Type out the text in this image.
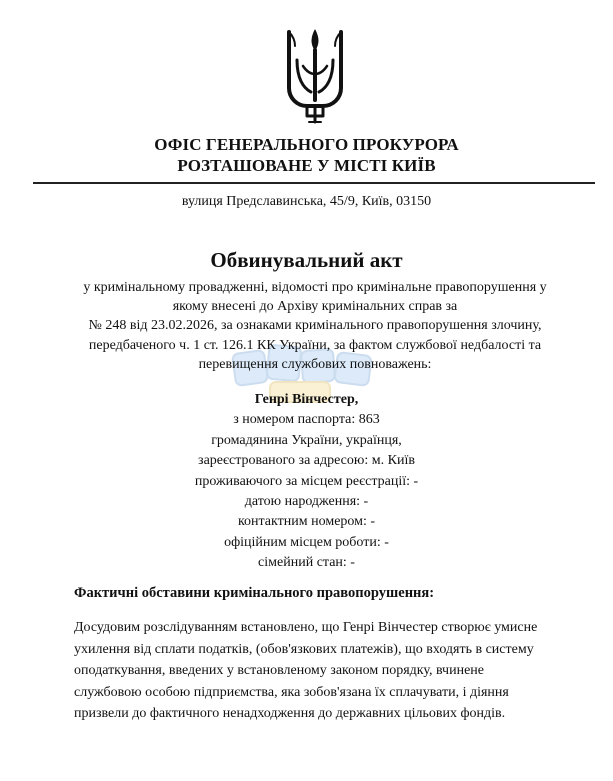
ОФІС ГЕНЕРАЛЬНОГО ПРОКУРОРА
РОЗТАШОВАНЕ У МІСТІ КИЇВ
вулиця Предславинська, 45/9, Київ, 03150
Обвинувальний акт
у кримінальному провадженні, відомості про кримінальне правопорушення у
якому внесені до Архіву кримінальних справ за
№ 248 від 23.02.2026, за ознаками кримінального правопорушення злочину,
передбаченого ч. 1 ст. 126.1 КК України, за фактом службової недбалості та
перевищення службових повноважень:
Генрі Вінчестер,
з номером паспорта: 863
громадянина України, українця,
зареєстрованого за адресою: м. Київ
проживаючого за місцем реєстрації: -
датою народження: -
контактним номером: -
офіційним місцем роботи: -
сімейний стан: -
Фактичні обставини кримінального правопорушення:
Досудовим розслідуванням встановлено, що Генрі Вінчестер створює умисне
ухилення від сплати податків, (обов'язкових платежів), що входять в систему
оподаткування, введених у встановленому законом порядку, вчинене
службовою особою підприємства, яка зобов'язана їх сплачувати, і діяння
призвели до фактичного ненадходження до державних цільових фондів.
